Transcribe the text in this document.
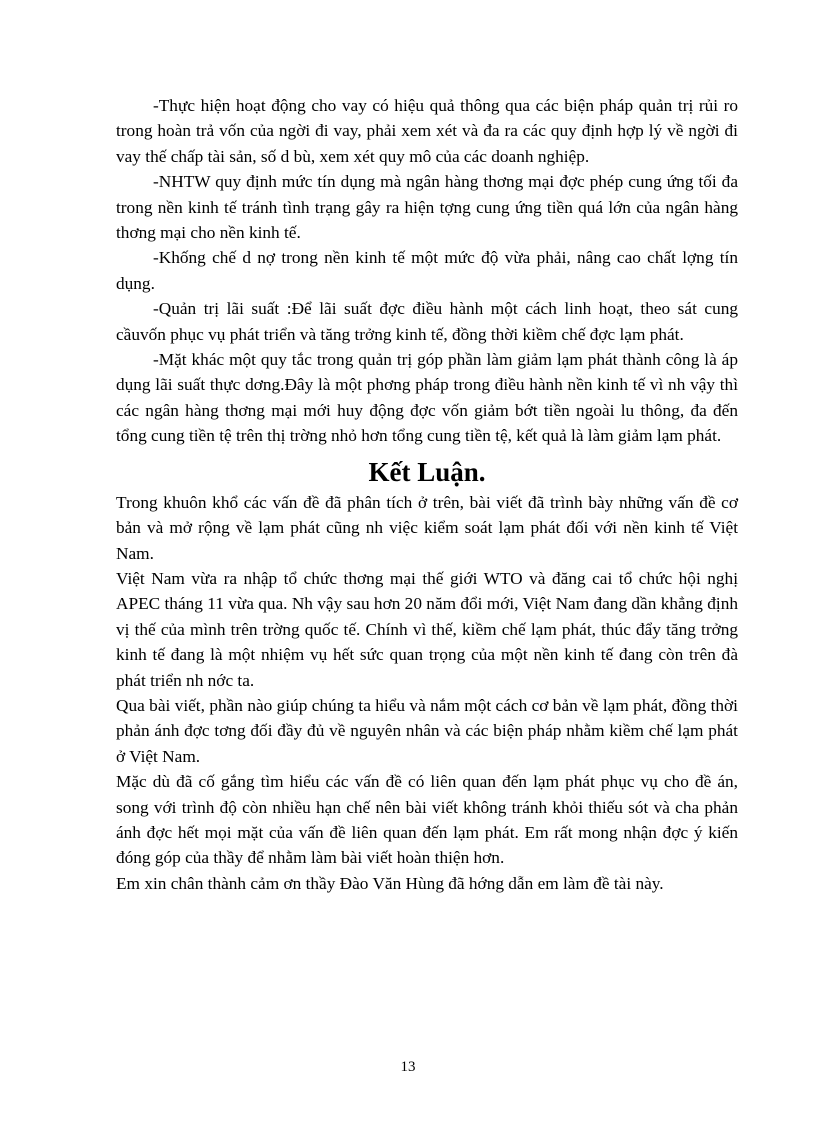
-Thực hiện hoạt động cho vay có hiệu quả thông qua các biện pháp quản trị rủi ro trong hoàn trả vốn của ngời đi vay, phải xem xét và đa ra các quy định hợp lý về ngời đi vay thế chấp tài sản, số d bù, xem xét quy mô của các doanh nghiệp.

-NHTW quy định mức tín dụng mà ngân hàng thơng mại đợc phép cung ứng tối đa trong nền kinh tế tránh tình trạng gây ra hiện tợng cung ứng tiền quá lớn của ngân hàng thơng mại cho nền kinh tế.

-Khống chế d nợ trong nền kinh tế một mức độ vừa phải, nâng cao chất lợng tín dụng.

-Quản trị lãi suất :Để lãi suất đợc điều hành một cách linh hoạt, theo sát cung cầuvốn phục vụ phát triển và tăng trởng kinh tế, đồng thời kiềm chế đợc lạm phát.

-Mặt khác một quy tắc trong quản trị góp phần làm giảm lạm phát thành công là áp dụng lãi suất thực dơng.Đây là một phơng pháp trong điều hành nền kinh tế vì nh vậy thì các ngân hàng thơng mại mới huy động đợc vốn giảm bớt tiền ngoài lu thông, đa đến tổng cung tiền tệ trên thị trờng nhỏ hơn tổng cung tiền tệ, kết quả là làm giảm lạm phát.

Kết Luận.

Trong khuôn khổ các vấn đề đã phân tích ở trên, bài viết đã trình bày những vấn đề cơ bản và mở rộng về lạm phát cũng nh việc kiểm soát lạm phát đối với nền kinh tế Việt Nam.

Việt Nam vừa ra nhập tổ chức thơng mại thế giới WTO và đăng cai tổ chức hội nghị APEC tháng 11 vừa qua. Nh vậy sau hơn 20 năm đổi mới, Việt Nam đang dần khẳng định vị thế của mình trên trờng quốc tế. Chính vì thế, kiềm chế lạm phát, thúc đẩy tăng trởng kinh tế đang là một nhiệm vụ hết sức quan trọng của một nền kinh tế đang còn trên đà phát triển nh nớc ta.

Qua bài viết, phần nào giúp chúng ta hiểu và nắm một cách cơ bản về lạm phát, đồng thời phản ánh đợc tơng đối đầy đủ về nguyên nhân và các biện pháp nhằm kiềm chế lạm phát ở Việt Nam.

Mặc dù đã cố gắng tìm hiểu các vấn đề có liên quan đến lạm phát phục vụ cho đề án, song với trình độ còn nhiều hạn chế nên bài viết không tránh khỏi thiếu sót và cha phản ánh đợc hết mọi mặt của vấn đề liên quan đến lạm phát. Em rất mong nhận đợc ý kiến đóng góp của thầy để nhằm làm bài viết hoàn thiện hơn.

Em xin chân thành cảm ơn thầy Đào Văn Hùng đã hớng dẫn em làm đề tài này.

13
